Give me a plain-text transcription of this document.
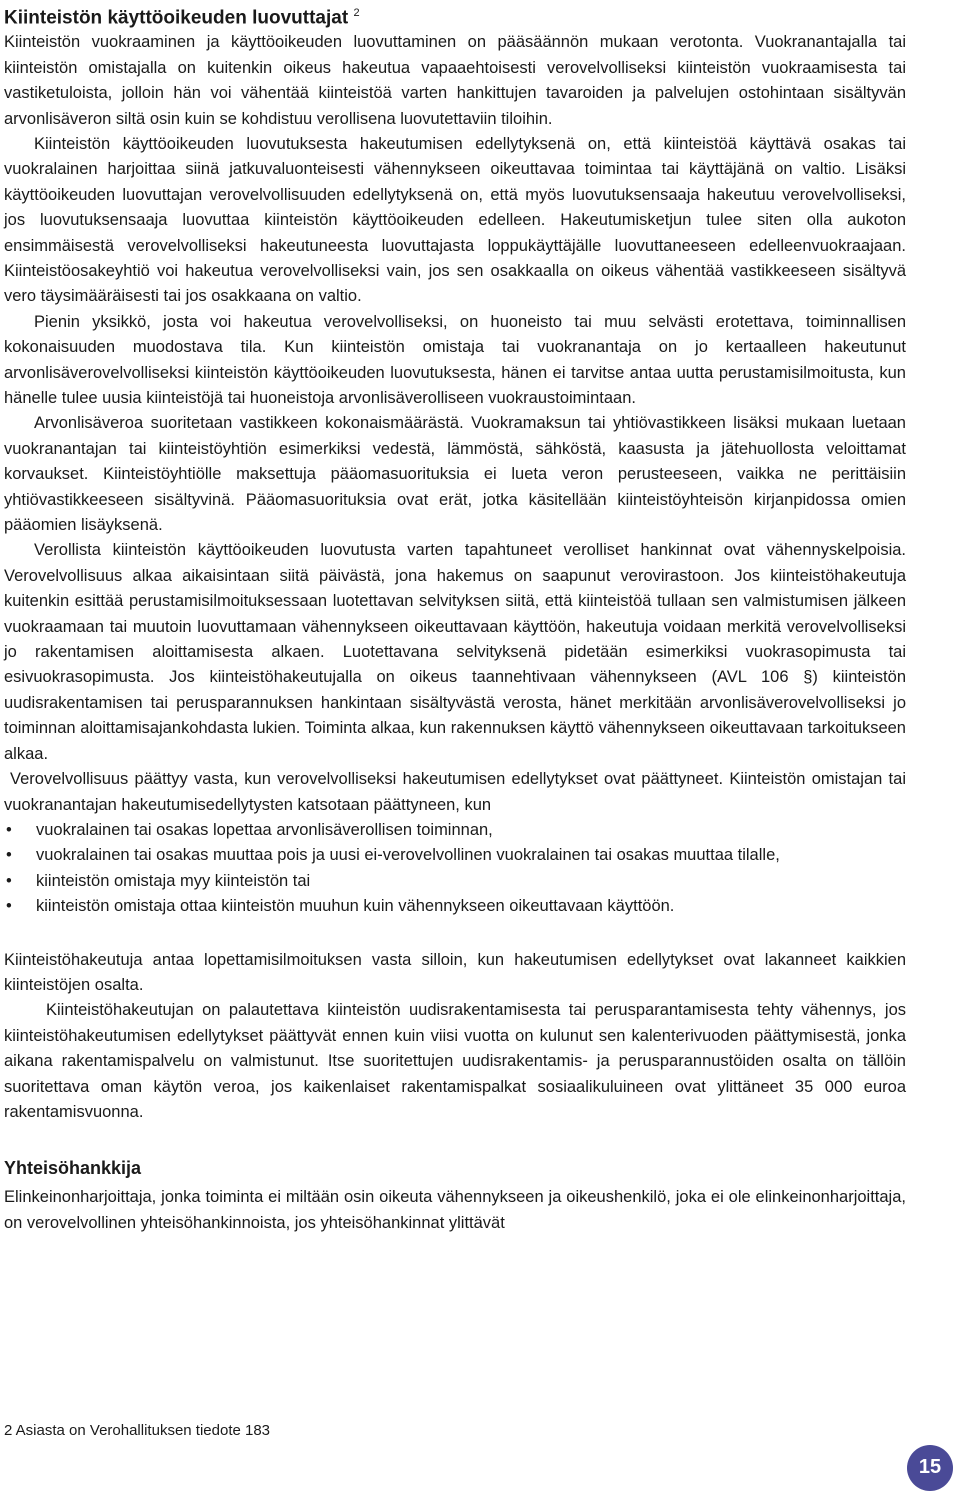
Kiinteistön käyttöoikeuden luovuttajat $^2$

Kiinteistön vuokraaminen ja käyttöoikeuden luovuttaminen on pääsäännön mukaan verotonta. Vuokranantajalla tai kiinteistön omistajalla on kuitenkin oikeus hakeutua vapaaehtoisesti verovelvolliseksi kiinteistön vuokraamisesta tai vastiketuloista, jolloin hän voi vähentää kiinteistöä varten hankittujen tavaroiden ja palvelujen ostohintaan sisältyvän arvonlisäveron siltä osin kuin se kohdistuu verollisena luovutettaviin tiloihin.

Kiinteistön käyttöoikeuden luovutuksesta hakeutumisen edellytyksenä on, että kiinteistöä käyttävä osakas tai vuokralainen harjoittaa siinä jatkuvaluonteisesti vähennykseen oikeuttavaa toimintaa tai käyttäjänä on valtio. Lisäksi käyttöoikeuden luovuttajan verovelvollisuuden edellytyksenä on, että myös luovutuksensaaja hakeutuu verovelvolliseksi, jos luovutuksensaaja luovuttaa kiinteistön käyttöoikeuden edelleen. Hakeutumisketjun tulee siten olla aukoton ensimmäisestä verovelvolliseksi hakeutuneesta luovuttajasta loppukäyttäjälle luovuttaneeseen edelleenvuokraajaan. Kiinteistöosakeyhtiö voi hakeutua verovelvolliseksi vain, jos sen osakkaalla on oikeus vähentää vastikkeeseen sisältyvä vero täysimääräisesti tai jos osakkaana on valtio.

Pienin yksikkö, josta voi hakeutua verovelvolliseksi, on huoneisto tai muu selvästi erotettava, toiminnallisen kokonaisuuden muodostava tila. Kun kiinteistön omistaja tai vuokranantaja on jo kertaalleen hakeutunut arvonlisäverovelvolliseksi kiinteistön käyttöoikeuden luovutuksesta, hänen ei tarvitse antaa uutta perustamisilmoitusta, kun hänelle tulee uusia kiinteistöjä tai huoneistoja arvonlisäverolliseen vuokraustoimintaan.

Arvonlisäveroa suoritetaan vastikkeen kokonaismäärästä. Vuokramaksun tai yhtiövastikkeen lisäksi mukaan luetaan vuokranantajan tai kiinteistöyhtiön esimerkiksi vedestä, lämmöstä, sähköstä, kaasusta ja jätehuollosta veloittamat korvaukset. Kiinteistöyhtiölle maksettuja pääomasuorituksia ei lueta veron perusteeseen, vaikka ne perittäisiin yhtiövastikkeeseen sisältyvinä. Pääomasuorituksia ovat erät, jotka käsitellään kiinteistöyhteisön kirjanpidossa omien pääomien lisäyksenä.

Verollista kiinteistön käyttöoikeuden luovutusta varten tapahtuneet verolliset hankinnat ovat vähennyskelpoisia. Verovelvollisuus alkaa aikaisintaan siitä päivästä, jona hakemus on saapunut verovirastoon. Jos kiinteistöhakeutuja kuitenkin esittää perustamisilmoituksessaan luotettavan selvityksen siitä, että kiinteistöä tullaan sen valmistumisen jälkeen vuokraamaan tai muutoin luovuttamaan vähennykseen oikeuttavaan käyttöön, hakeutuja voidaan merkitä verovelvolliseksi jo rakentamisen aloittamisesta alkaen. Luotettavana selvityksenä pidetään esimerkiksi vuokrasopimusta tai esivuokrasopimusta. Jos kiinteistöhakeutujalla on oikeus taannehtivaan vähennykseen (AVL 106 §) kiinteistön uudisrakentamisen tai perusparannuksen hankintaan sisältyvästä verosta, hänet merkitään arvonlisäverovelvolliseksi jo toiminnan aloittamisajankohdasta lukien. Toiminta alkaa, kun rakennuksen käyttö vähennykseen oikeuttavaan tarkoitukseen alkaa.

Verovelvollisuus päättyy vasta, kun verovelvolliseksi hakeutumisen edellytykset ovat päättyneet. Kiinteistön omistajan tai vuokranantajan hakeutumisedellytysten katsotaan päättyneen, kun

• vuokralainen tai osakas lopettaa arvonlisäverollisen toiminnan,
• vuokralainen tai osakas muuttaa pois ja uusi ei-verovelvollinen vuokralainen tai osakas muuttaa tilalle,
• kiinteistön omistaja myy kiinteistön tai
• kiinteistön omistaja ottaa kiinteistön muuhun kuin vähennykseen oikeuttavaan käyttöön.

Kiinteistöhakeutuja antaa lopettamisilmoituksen vasta silloin, kun hakeutumisen edellytykset ovat lakanneet kaikkien kiinteistöjen osalta.

Kiinteistöhakeutujan on palautettava kiinteistön uudisrakentamisesta tai perusparantamisesta tehty vähennys, jos kiinteistöhakeutumisen edellytykset päättyvät ennen kuin viisi vuotta on kulunut sen kalenterivuoden päättymisestä, jonka aikana rakentamispalvelu on valmistunut. Itse suoritettujen uudisrakentamis- ja perusparannustöiden osalta on tällöin suoritettava oman käytön veroa, jos kaikenlaiset rakentamispalkat sosiaalikuluineen ovat ylittäneet 35 000 euroa rakentamisvuonna.

Yhteisöhankkija

Elinkeinonharjoittaja, jonka toiminta ei miltään osin oikeuta vähennykseen ja oikeushenkilö, joka ei ole elinkeinonharjoittaja, on verovelvollinen yhteisöhankinnoista, jos yhteisöhankinnat ylittävät

2 Asiasta on Verohallituksen tiedote 183
15
